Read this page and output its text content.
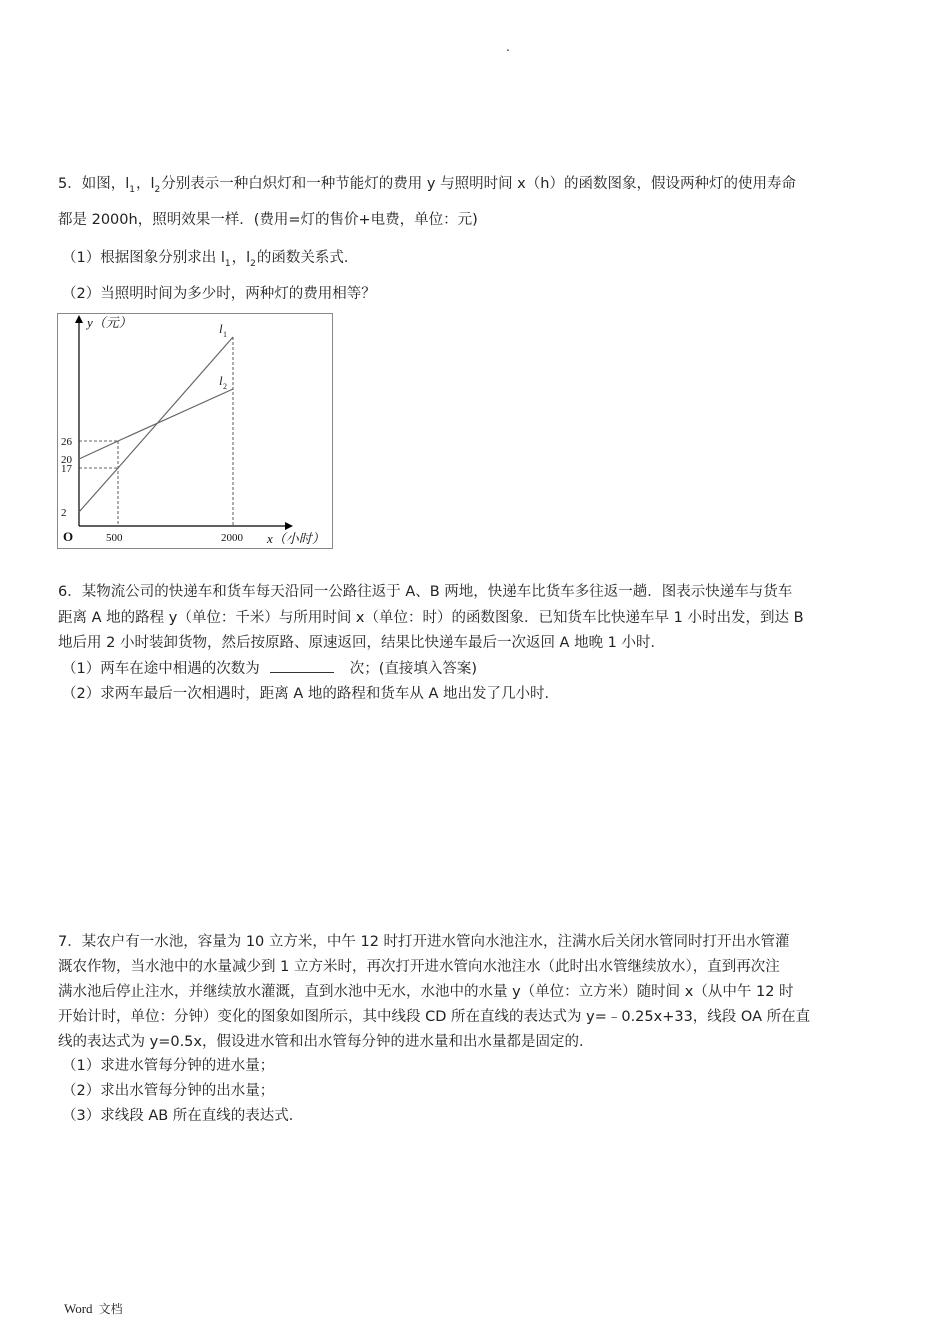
.
5．如图，$l_1$，$l_2$分别表示一种白炽灯和一种节能灯的费用 y 与照明时间 x（h）的函数图象，假设两种灯的使用寿命
都是 2000h，照明效果一样．(费用=灯的售价+电费，单位：元)
（1）根据图象分别求出 $l_1$，$l_2$的函数关系式．
（2）当照明时间为多少时，两种灯的费用相等？
l 1
l 2
2
17
20
26
500	2000
O
y（元）
x（小时）
6．某物流公司的快递车和货车每天沿同一公路往返于 A、B 两地，快递车比货车多往返一趟．图表示快递车与货车
距离 A 地的路程 y（单位：千米）与所用时间 x（单位：时）的函数图象．已知货车比快递车早 1 小时出发，到达 B
地后用 2 小时装卸货物，然后按原路、原速返回，结果比快递车最后一次返回 A 地晚 1 小时．
（1）两车在途中相遇的次数为	次；(直接填入答案)
（2）求两车最后一次相遇时，距离 A 地的路程和货车从 A 地出发了几小时．
7．某农户有一水池，容量为 10 立方米，中午 12 时打开进水管向水池注水，注满水后关闭水管同时打开出水管灌
溉农作物，当水池中的水量减少到 1 立方米时，再次打开进水管向水池注水（此时出水管继续放水），直到再次注
满水池后停止注水，并继续放水灌溉，直到水池中无水，水池中的水量 y（单位：立方米）随时间 x（从中午 12 时
开始计时，单位：分钟）变化的图象如图所示，其中线段 CD 所在直线的表达式为 y=﹣0.25x+33，线段 OA 所在直
线的表达式为 y=0.5x，假设进水管和出水管每分钟的进水量和出水量都是固定的．
（1）求进水管每分钟的进水量；
（2）求出水管每分钟的出水量；
（3）求线段 AB 所在直线的表达式．
Word 文档
